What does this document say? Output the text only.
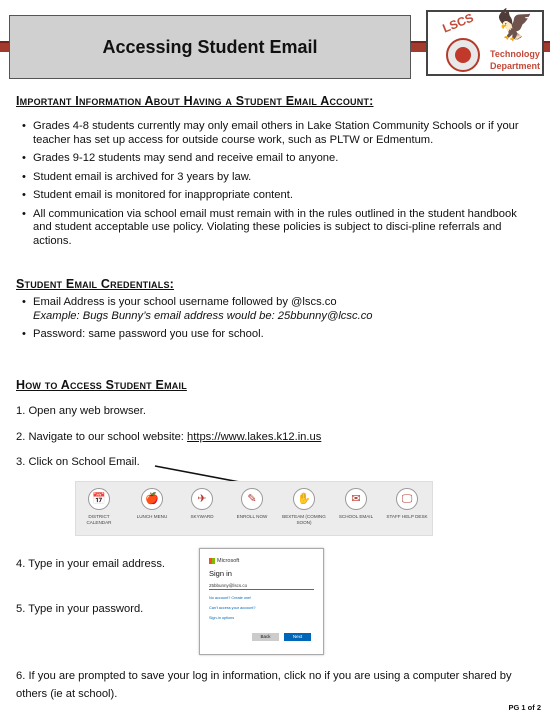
Accessing Student Email
LSCS 🦅
Technology
Department
Important Information About Having a Student Email Account:
• Grades 4-8 students currently may only email others in Lake Station Community Schools or if your teacher has set up access for outside course work, such as PLTW or Edmentum.
• Grades 9-12 students may send and receive email to anyone.
• Student email is archived for 3 years by law.
• Student email is monitored for inappropriate content.
• All communication via school email must remain with in the rules outlined in the student handbook and student acceptable use policy. Violating these policies is subject to disci-pline referrals and actions.
Student Email Credentials:
• Email Address is your school username followed by @lscs.co
Example: Bugs Bunny’s email address would be: 25bbunny@lcsc.co
• Password: same password you use for school.
How to Access Student Email
1. Open any web browser.
2. Navigate to our school website: https://www.lakes.k12.in.us
3. Click on School Email.
📅
DISTRICT CALENDAR
🍎
LUNCH MENU
✈
SKYWARD
✎
ENROLL NOW
✋
BEXTEAM (COMING SOON)
✉
SCHOOL EMAIL
🖵
STAFF HELP DESK
4. Type in your email address.
5. Type in your password.
Microsoft
Sign in
25bbunny@lscs.co
No account? Create one!
Can't access your account?
Sign-in options
Back	Next
6. If you are prompted to save your log in information, click no if you are using a computer shared by others (ie at school).
PG 1 of 2
